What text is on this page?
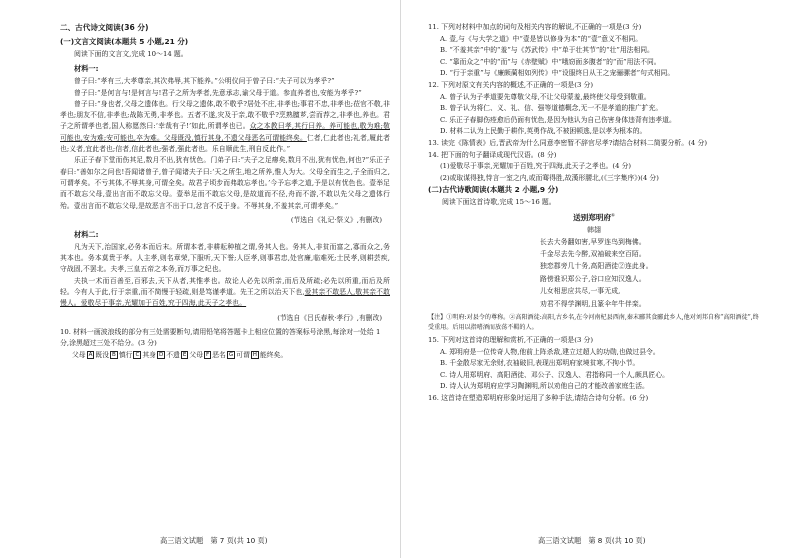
二、古代诗文阅读(36 分)
(一)文言文阅读(本题共 5 小题,21 分)

阅读下面的文言文,完成 10～14 题。

材料一:

曾子曰:“孝有三,大孝尊亲,其次弗辱,其下能养。”公明仪问于曾子曰:“夫子可以为孝乎?”

曾子曰:“是何言与!是何言与!君子之所为孝者,先意承志,谕父母于道。参直养者也,安能为孝乎?”

曾子曰:“身也者,父母之遗体也。行父母之遗体,敢不敬乎?居处不庄,非孝也;事君不忠,非孝也;莅官不敬,非孝也;朋友不信,非孝也;战陈无勇,非孝也。五者不遂,灾及于亲,敢不敬乎?烹熟膻芗,尝而荐之,非孝也,养也。君子之所谓孝也者,国人称愿然曰:‘幸哉有子!’如此,所谓孝也已。众之本教曰孝,其行曰养。养可能也,敬为难;敬可能也,安为难;安可能也,卒为难。父母既没,慎行其身,不遗父母恶名可谓能终矣。仁者,仁此者也;礼者,履此者也;义者,宜此者也;信者,信此者也;强者,强此者也。乐自顺此生,刑自反此作。”

乐正子春下堂而伤其足,数月不出,犹有忧色。门弟子曰:“夫子之足瘳矣,数月不出,犹有忧色,何也?”乐正子春曰:“善如尔之问也!吾闻诸曾子,曾子闻诸夫子曰:‘天之所生,地之所养,惟人为大。父母全而生之,子全而归之,可谓孝矣。不亏其体,不辱其身,可谓全矣。故君子顷步而弗敢忘孝也。’今予忘孝之道,予是以有忧色也。壹举足而不敢忘父母,壹出言而不敢忘父母。壹举足而不敢忘父母,是故道而不径,舟而不游,不敢以先父母之遗体行殆。壹出言而不敢忘父母,是故恶言不出于口,忿言不反于身。不辱其身,不羞其亲,可谓孝矣。”

(节选自《礼记·祭义》,有删改)
材料二:

凡为天下,治国家,必务本而后末。所谓本者,非耕耘种植之谓,务其人也。务其人,非贫而富之,寡而众之,务其本也。务本莫贵于孝。人主孝,则名章荣,下服听,天下誉;人臣孝,则事君忠,处官廉,临难死;士民孝,则耕芸疾,守战固,不罢北。夫孝,三皇五帝之本务,而万事之纪也。

夫执一术而百善至,百邪去,天下从者,其惟孝也。故论人必先以所亲,而后及所疏;必先以所重,而后及所轻。今有人于此,行于亲重,而不简慢于轻疏,则是笃谨孝道。先王之所以治天下也,爱其亲不敢恶人,敬其亲不敢慢人。爱敬尽于事亲,光耀加于百姓,究于四海,此天子之孝也。

(节选自《吕氏春秋·孝行》,有删改)

10. 材料一画波浪线的部分有三处需要断句,请用铅笔将答题卡上相应位置的答案标号涂黑,每涂对一处给 1 分,涂黑超过三处不给分。(3 分)

父母 A 既没 B 慎行 C 其身 D 不遗 E 父母 F 恶名 G 可谓 H 能终矣。

高三语文试题　第 7 页(共 10 页)

11. 下列对材料中加点的词句及相关内容的解说,不正确的一项是(3 分)

A. 壹,与《与大学之道》中“壹是皆以修身为本”的“壹”意义不相同。

B. “不羞其亲”中的“羞”与《苏武传》中“单于壮其节”的“壮”用法相同。

C. “靠而众之”中的“而”与《赤壁赋》中“哦窃面多腹者”的“而”用法不同。

D. “行于亲重”与《廉颇蔺相如列传》中“设服终日从王之宠骊骡者”句式相同。

12. 下列对原文有关内容的概述,不正确的一项是(3 分)

A. 曾子认为子孝道要先尊敬父母,不让父母蒙羞,最终使父母受到敬重。

B. 曾子认为将仁、义、礼、信、强等道德概念,无一不是孝道的推广扩充。

C. 乐正子春脚伤痊愈后仍面有忧色,是因为他认为自己伤害身体违背有违孝道。

D. 材料二认为上民勤于耕作,英勇作战,不被困顿逃,是以孝为根本的。

13. 读完《陈情表》后,晋武帝为什么同意李密暂不辞官尽孝?请结合材料二简要分析。(4 分)

14. 把下面的句子翻译成现代汉语。(8 分)

(1)爱敬尽于事亲,光耀加于百姓,究于四海,此天子之孝也。(4 分)

(2)或取谋得独,恃言一室之内,或而骞得胜,故漢形腰北,(《三字集序》)(4 分)

(二)古代诗歌阅读(本题共 2 小题,9 分)

阅读下面这首诗歌,完成 15～16 题。

送别郑明府①
韩翃

长去大务翻如害,早罗连鸟到梅佛。

千金尽去先今醉,双袖破来空百陌。

独恋郡旁几十务,高阳酒徒②连此身。

路傍谁识郑公子,谷口应知汉逸人。

儿女相思应共尽,一事无成,

劝君不得学渊明,且篆伞年牛伴栾。

【注】①明府:对县令的尊称。②高阳酒徒:高阳,古乡名,在今河南杞县西南,秦末郦其食郦此乡人,他对刘邦自称“高阳酒徒”,终受重用。后用以指嗜酒而放荡不羁的人。

15. 下列对这首诗的理解和赏析,不正确的一项是(3 分)

A. 郑明府是一位传奇人物,他前上阵杀敌,建立过超人的功勋,也做过县令。

B. 千金散尽家无余财,衣袖破旧,表现出郑明府家境贫寒,不拘小节。

C. 诗人用郑明府、高阳酒徒、邓公子、汉逸人、君指称同一个人,颇具匠心。

D. 诗人认为郑明府应学习陶渊明,所以劝他自己的才能改善家庭生活。

16. 这首诗在塑造郑明府形象时运用了多种手法,请结合诗句分析。(6 分)

高三语文试题　第 8 页(共 10 页)
